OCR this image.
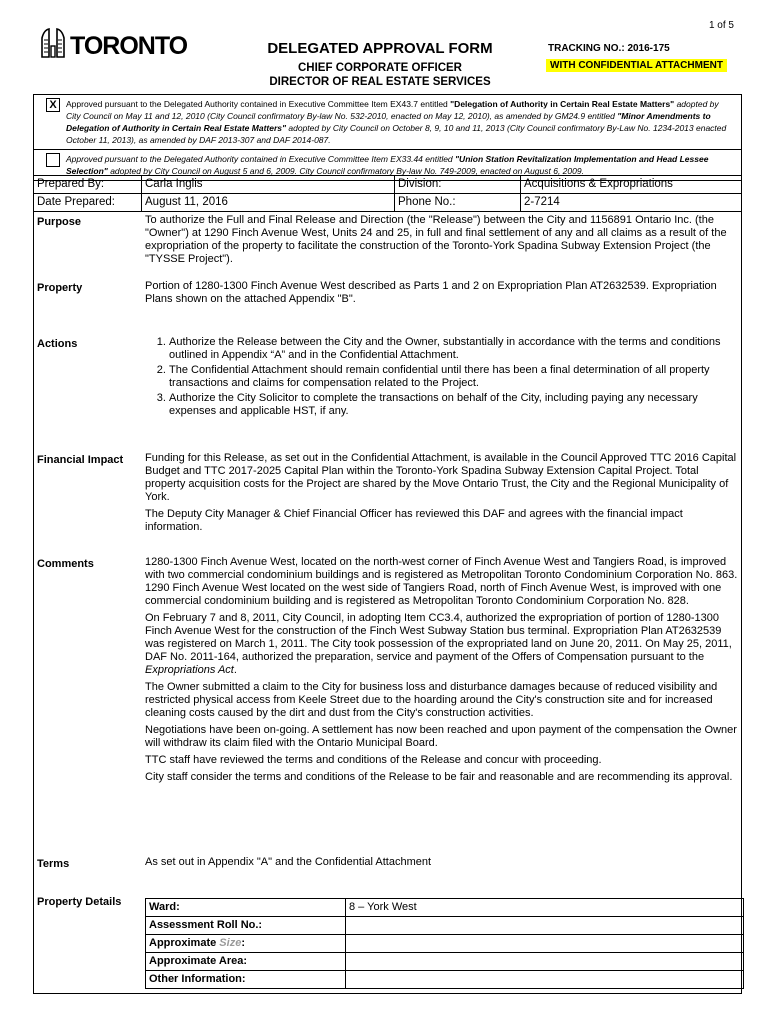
1 of 5
TORONTO	DELEGATED APPROVAL FORM
CHIEF CORPORATE OFFICER
DIRECTOR OF REAL ESTATE SERVICES
TRACKING NO.: 2016-175
WITH CONFIDENTIAL ATTACHMENT
X	Approved pursuant to the Delegated Authority contained in Executive Committee Item EX43.7 entitled "Delegation of Authority in Certain Real Estate Matters" adopted by City Council on May 11 and 12, 2010 (City Council confirmatory By-law No. 532-2010, enacted on May 12, 2010), as amended by GM24.9 entitled "Minor Amendments to Delegation of Authority in Certain Real Estate Matters" adopted by City Council on October 8, 9, 10 and 11, 2013 (City Council confirmatory By-Law No. 1234-2013 enacted October 11, 2013), as amended by DAF 2013-307 and DAF 2014-087.
Approved pursuant to the Delegated Authority contained in Executive Committee Item EX33.44 entitled "Union Station Revitalization Implementation and Head Lessee Selection" adopted by City Council on August 5 and 6, 2009. City Council confirmatory By-law No. 749-2009, enacted on August 6, 2009.
Prepared By:	Carla Inglis	Division:	Acquisitions & Expropriations
Date Prepared:	August 11, 2016	Phone No.:	2-7214
Purpose	To authorize the Full and Final Release and Direction (the "Release") between the City and 1156891 Ontario Inc. (the "Owner") at 1290 Finch Avenue West, Units 24 and 25, in full and final settlement of any and all claims as a result of the expropriation of the property to facilitate the construction of the Toronto-York Spadina Subway Extension Project (the "TYSSE Project").
Property	Portion of 1280-1300 Finch Avenue West described as Parts 1 and 2 on Expropriation Plan AT2632539. Expropriation Plans shown on the attached Appendix "B".
Actions	1. Authorize the Release between the City and the Owner, substantially in accordance with the terms and conditions outlined in Appendix “A” and in the Confidential Attachment.
2. The Confidential Attachment should remain confidential until there has been a final determination of all property transactions and claims for compensation related to the Project.
3. Authorize the City Solicitor to complete the transactions on behalf of the City, including paying any necessary expenses and applicable HST, if any.
Financial Impact	Funding for this Release, as set out in the Confidential Attachment, is available in the Council Approved TTC 2016 Capital Budget and TTC 2017-2025 Capital Plan within the Toronto-York Spadina Subway Extension Capital Project. Total property acquisition costs for the Project are shared by the Move Ontario Trust, the City and the Regional Municipality of York.

The Deputy City Manager & Chief Financial Officer has reviewed this DAF and agrees with the financial impact information.

Comments	1280-1300 Finch Avenue West, located on the north-west corner of Finch Avenue West and Tangiers Road, is improved with two commercial condominium buildings and is registered as Metropolitan Toronto Condominium Corporation No. 863. 1290 Finch Avenue West located on the west side of Tangiers Road, north of Finch Avenue West, is improved with one commercial condominium building and is registered as Metropolitan Toronto Condominium Corporation No. 828.

On February 7 and 8, 2011, City Council, in adopting Item CC3.4, authorized the expropriation of portion of 1280-1300 Finch Avenue West for the construction of the Finch West Subway Station bus terminal. Expropriation Plan AT2632539 was registered on March 1, 2011. The City took possession of the expropriated land on June 20, 2011. On May 25, 2011, DAF No. 2011-164, authorized the preparation, service and payment of the Offers of Compensation pursuant to the Expropriations Act.

The Owner submitted a claim to the City for business loss and disturbance damages because of reduced visibility and restricted physical access from Keele Street due to the hoarding around the City's construction site and for increased cleaning costs caused by the dirt and dust from the City's construction activities.

Negotiations have been on-going. A settlement has now been reached and upon payment of the compensation the Owner will withdraw its claim filed with the Ontario Municipal Board.

TTC staff have reviewed the terms and conditions of the Release and concur with proceeding.

City staff consider the terms and conditions of the Release to be fair and reasonable and are recommending its approval.

Terms	As set out in Appendix "A" and the Confidential Attachment
Property Details	Ward:	8 – York West
Assessment Roll No.:	
Approximate Size:	
Approximate Area:	
Other Information:	
